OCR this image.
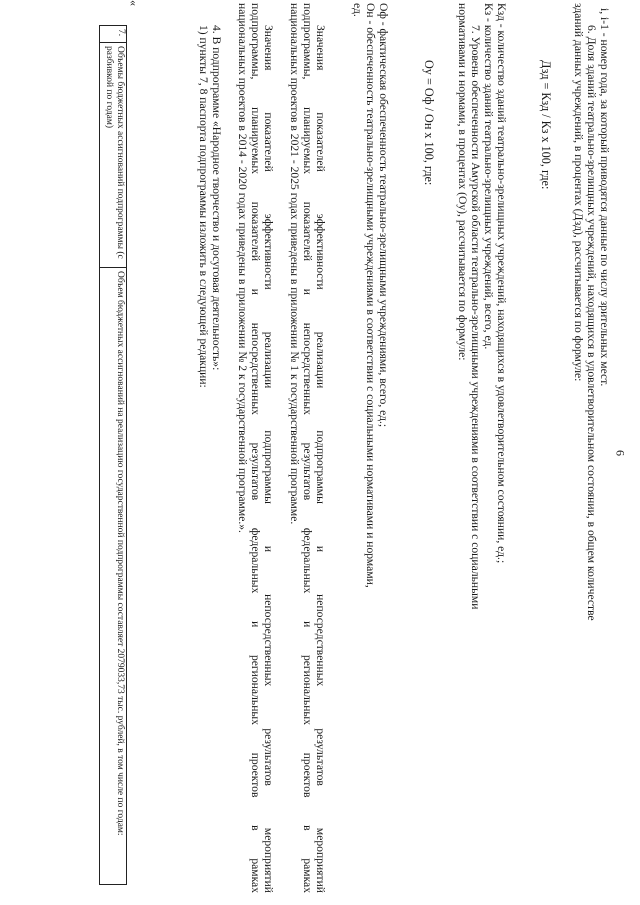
6
i, i-1 - номер года, за который приводятся данные по числу зрительных мест.
6. Доля зданий театрально-зрелищных учреждений, находящихся в удовлетворительном состоянии, в общем количестве
зданий данных учреждений, в процентах (Дзд), рассчитывается по формуле:
Дзд = Кзд / Кз х 100, где:
Кзд - количество зданий театрально-зрелищных учреждений, находящихся в удовлетворительном состоянии, ед.;
Кз - количество зданий театрально-зрелищных учреждений, всего, ед.
7. Уровень обеспеченности Амурской области театрально-зрелищными учреждениями в соответствии с социальными
нормативами и нормами, в процентах (Оу), рассчитывается по формуле:
Оу = Оф / Он х 100, где:
Оф - фактическая обеспеченность театрально-зрелищными учреждениями, всего, ед.;
Он - обеспеченность театрально-зрелищными учреждениями в соответствии с социальными нормативами и нормами,
ед.
Значения показателей эффективности реализации подпрограммы и непосредственных результатов мероприятий
подпрограммы, планируемых показателей и непосредственных результатов федеральных и региональных проектов в рамках
национальных проектов в 2021 - 2025 годах приведены в приложении № 1 к государственной программе.
Значения показателей эффективности реализации подпрограммы и непосредственных результатов мероприятий
подпрограммы, планируемых показателей и непосредственных результатов федеральных и региональных проектов в рамках
национальных проектов в 2014 - 2020 годах приведены в приложении № 2 к государственной программе.».
4. В подпрограмме «Народное творчество и досуговая деятельность»:
1) пункты 7, 8 паспорта подпрограммы изложить в следующей редакции:
«
7.
Объемы бюджетных ассигнований подпрограммы (с разбивкой по годам)
Объем бюджетных ассигнований на реализацию государственной подпрограммы составляет 2079033,73 тыс. рублей, в том числе по годам:
